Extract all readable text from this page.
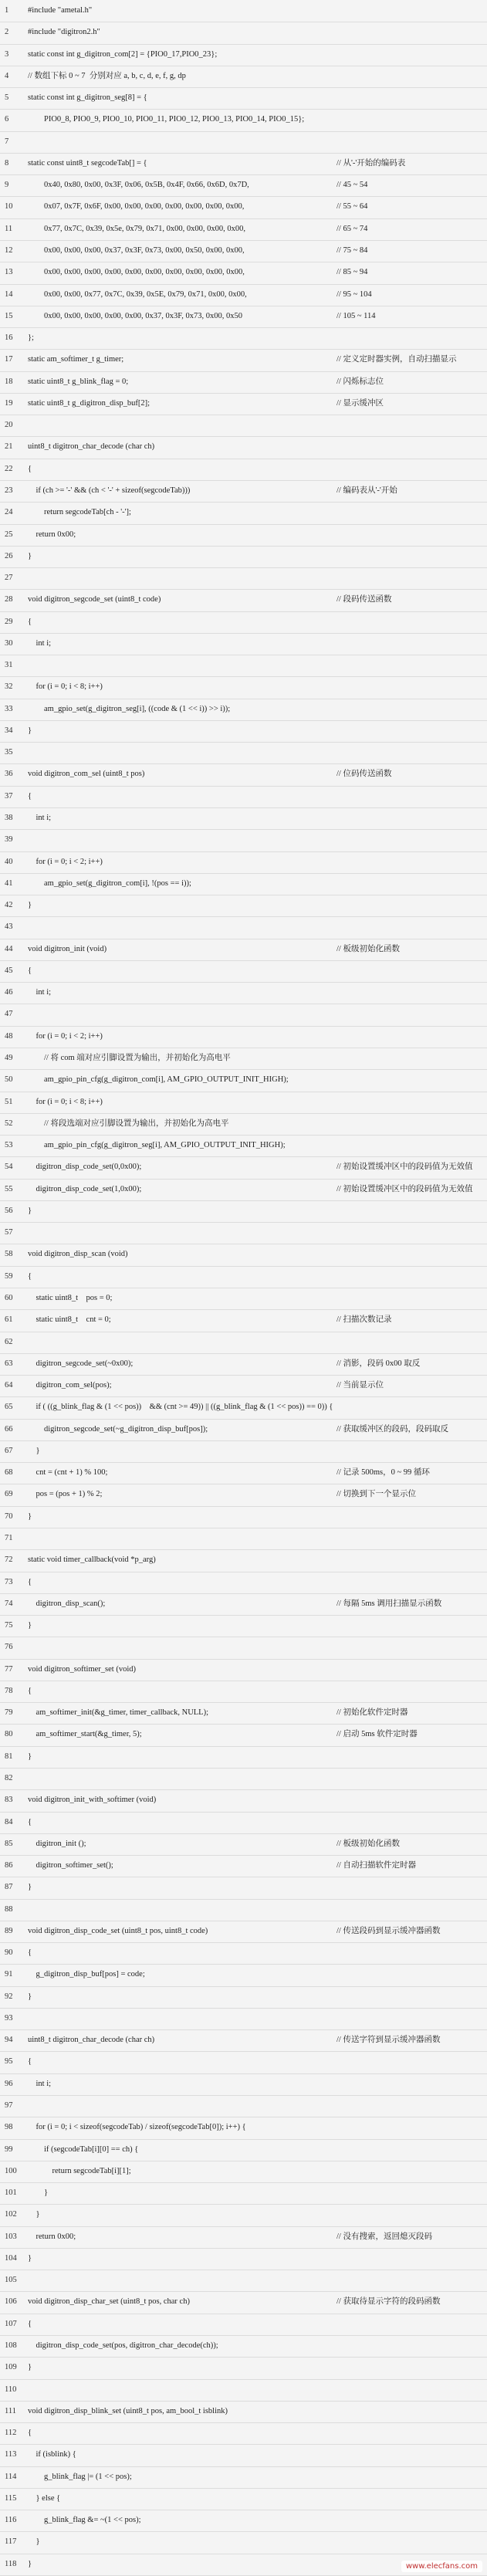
1	#include "ametal.h"
2	#include "digitron2.h"
3	static const int g_digitron_com[2] = {PIO0_17,PIO0_23};
4	// 数组下标 0 ~ 7  分别对应 a, b, c, d, e, f, g, dp
5	static const int g_digitron_seg[8] = {
6	PIO0_8, PIO0_9, PIO0_10, PIO0_11, PIO0_12, PIO0_13, PIO0_14, PIO0_15};
7
8	static const uint8_t segcodeTab[] = {	// 从'-'开始的编码表
9	0x40, 0x80, 0x00, 0x3F, 0x06, 0x5B, 0x4F, 0x66, 0x6D, 0x7D,	// 45 ~ 54
10	0x07, 0x7F, 0x6F, 0x00, 0x00, 0x00, 0x00, 0x00, 0x00, 0x00,	// 55 ~ 64
11	0x77, 0x7C, 0x39, 0x5e, 0x79, 0x71, 0x00, 0x00, 0x00, 0x00,	// 65 ~ 74
12	0x00, 0x00, 0x00, 0x37, 0x3F, 0x73, 0x00, 0x50, 0x00, 0x00,	// 75 ~ 84
13	0x00, 0x00, 0x00, 0x00, 0x00, 0x00, 0x00, 0x00, 0x00, 0x00,	// 85 ~ 94
14	0x00, 0x00, 0x77, 0x7C, 0x39, 0x5E, 0x79, 0x71, 0x00, 0x00,	// 95 ~ 104
15	0x00, 0x00, 0x00, 0x00, 0x00, 0x37, 0x3F, 0x73, 0x00, 0x50	// 105 ~ 114
16	};
17	static am_softimer_t g_timer;	// 定义定时器实例，自动扫描显示
18	static uint8_t g_blink_flag = 0;	// 闪烁标志位
19	static uint8_t g_digitron_disp_buf[2];	// 显示缓冲区
20
21	uint8_t digitron_char_decode (char ch)
22	{
23	if (ch >= '-' && (ch < '-' + sizeof(segcodeTab)))	// 编码表从'-'开始
24	return segcodeTab[ch - '-'];
25	return 0x00;
26	}
27
28	void digitron_segcode_set (uint8_t code)	// 段码传送函数
29	{
30	int i;
31
32	for (i = 0; i < 8; i++)
33	am_gpio_set(g_digitron_seg[i], ((code & (1 << i)) >> i));
34	}
35
36	void digitron_com_sel (uint8_t pos)	// 位码传送函数
37	{
38	int i;
39
40	for (i = 0; i < 2; i++)
41	am_gpio_set(g_digitron_com[i], !(pos == i));
42	}
43
44	void digitron_init (void)	// 板级初始化函数
45	{
46	int i;
47
48	for (i = 0; i < 2; i++)
49	// 将 com 端对应引脚设置为输出，并初始化为高电平
50	am_gpio_pin_cfg(g_digitron_com[i], AM_GPIO_OUTPUT_INIT_HIGH);
51	for (i = 0; i < 8; i++)
52	// 将段选端对应引脚设置为输出，并初始化为高电平
53	am_gpio_pin_cfg(g_digitron_seg[i], AM_GPIO_OUTPUT_INIT_HIGH);
54	digitron_disp_code_set(0,0x00);	// 初始设置缓冲区中的段码值为无效值
55	digitron_disp_code_set(1,0x00);	// 初始设置缓冲区中的段码值为无效值
56	}
57
58	void digitron_disp_scan (void)
59	{
60	static uint8_t    pos = 0;
61	static uint8_t    cnt = 0;	// 扫描次数记录
62
63	digitron_segcode_set(~0x00);	// 消影，段码 0x00 取反
64	digitron_com_sel(pos);	// 当前显示位
65	if ( ((g_blink_flag & (1 << pos))    && (cnt >= 49)) || ((g_blink_flag & (1 << pos)) == 0)) {
66	digitron_segcode_set(~g_digitron_disp_buf[pos]);	// 获取缓冲区的段码，段码取反
67	}
68	cnt = (cnt + 1) % 100;	// 记录 500ms，0 ~ 99 循环
69	pos = (pos + 1) % 2;	// 切换到下一个显示位
70	}
71
72	static void timer_callback(void *p_arg)
73	{
74	digitron_disp_scan();	// 每隔 5ms 调用扫描显示函数
75	}
76
77	void digitron_softimer_set (void)
78	{
79	am_softimer_init(&g_timer, timer_callback, NULL);	// 初始化软件定时器
80	am_softimer_start(&g_timer, 5);	// 启动 5ms 软件定时器
81	}
82
83	void digitron_init_with_softimer (void)
84	{
85	digitron_init ();	// 板级初始化函数
86	digitron_softimer_set();	// 自动扫描软件定时器
87	}
88
89	void digitron_disp_code_set (uint8_t pos, uint8_t code)	// 传送段码到显示缓冲器函数
90	{
91	g_digitron_disp_buf[pos] = code;
92	}
93
94	uint8_t digitron_char_decode (char ch)	// 传送字符到显示缓冲器函数
95	{
96	int i;
97
98	for (i = 0; i < sizeof(segcodeTab) / sizeof(segcodeTab[0]); i++) {
99	if (segcodeTab[i][0] == ch) {
100	return segcodeTab[i][1];
101	}
102	}
103	return 0x00;	// 没有搜索，返回熄灭段码
104	}
105
106	void digitron_disp_char_set (uint8_t pos, char ch)	// 获取待显示字符的段码函数
107	{
108	digitron_disp_code_set(pos, digitron_char_decode(ch));
109	}
110
111	void digitron_disp_blink_set (uint8_t pos, am_bool_t isblink)
112	{
113	if (isblink) {
114	g_blink_flag |= (1 << pos);
115	} else {
116	g_blink_flag &= ~(1 << pos);
117	}
118	}	www.elecfans.com
